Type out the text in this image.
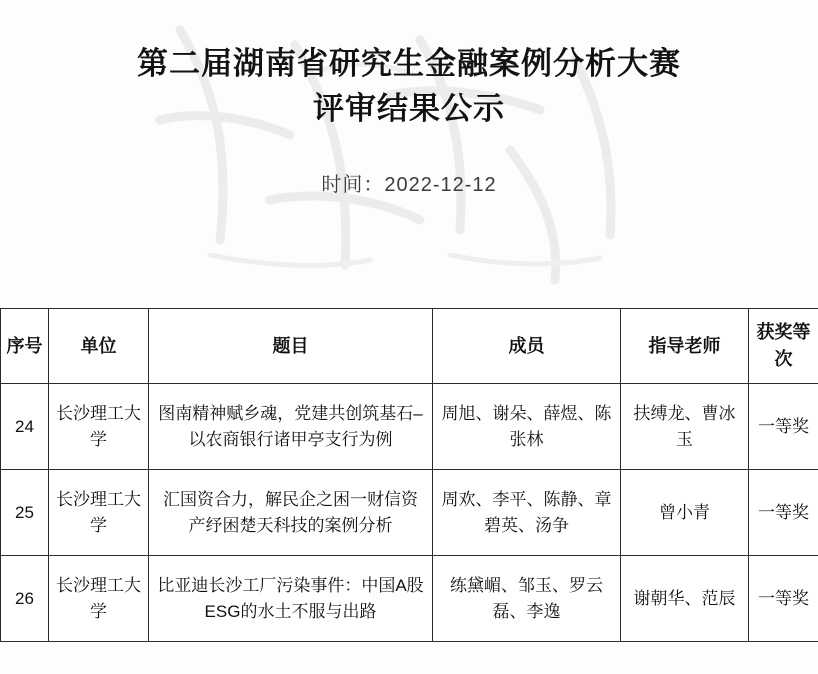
第二届湖南省研究生金融案例分析大赛
评审结果公示
时间：2022-12-12
序号	单位	题目	成员	指导老师	获奖等次
24	长沙理工大学	图南精神赋乡魂，党建共创筑基石–以农商银行诸甲亭支行为例	周旭、谢朵、薛煜、陈张林	扶缚龙、曹冰玉	一等奖
25	长沙理工大学	汇国资合力，解民企之困一财信资产纾困楚天科技的案例分析	周欢、李平、陈静、章碧英、汤争	曾小青	一等奖
26	长沙理工大学	比亚迪长沙工厂污染事件：中国A股ESG的水土不服与出路	练黛嵋、邹玉、罗云磊、李逸	谢朝华、范辰	一等奖
